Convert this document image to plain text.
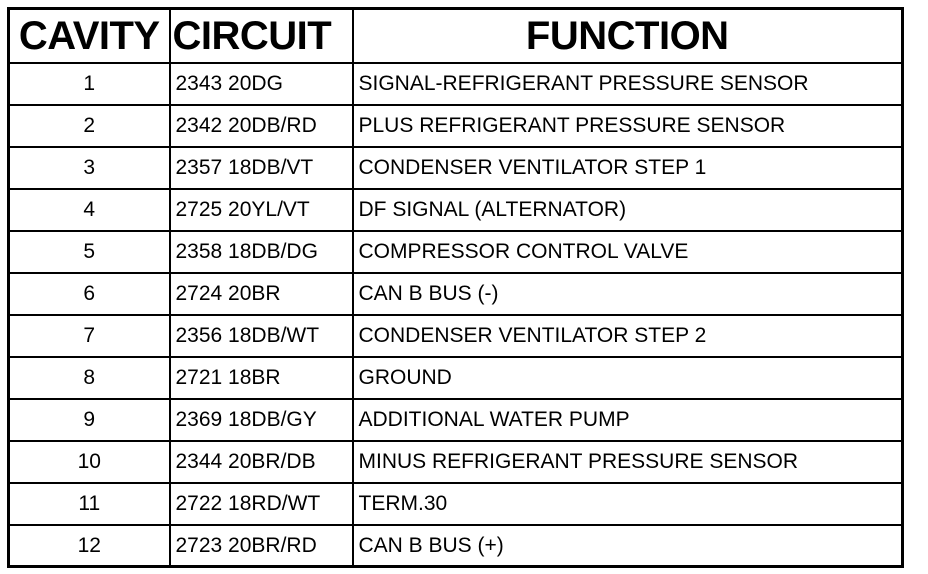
CAVITY	CIRCUIT	FUNCTION
1	2343 20DG	SIGNAL-REFRIGERANT PRESSURE SENSOR
2	2342 20DB/RD	PLUS REFRIGERANT PRESSURE SENSOR
3	2357 18DB/VT	CONDENSER VENTILATOR STEP 1
4	2725 20YL/VT	DF SIGNAL (ALTERNATOR)
5	2358 18DB/DG	COMPRESSOR CONTROL VALVE
6	2724 20BR	CAN B BUS (-)
7	2356 18DB/WT	CONDENSER VENTILATOR STEP 2
8	2721 18BR	GROUND
9	2369 18DB/GY	ADDITIONAL WATER PUMP
10	2344 20BR/DB	MINUS REFRIGERANT PRESSURE SENSOR
11	2722 18RD/WT	TERM.30
12	2723 20BR/RD	CAN B BUS (+)
